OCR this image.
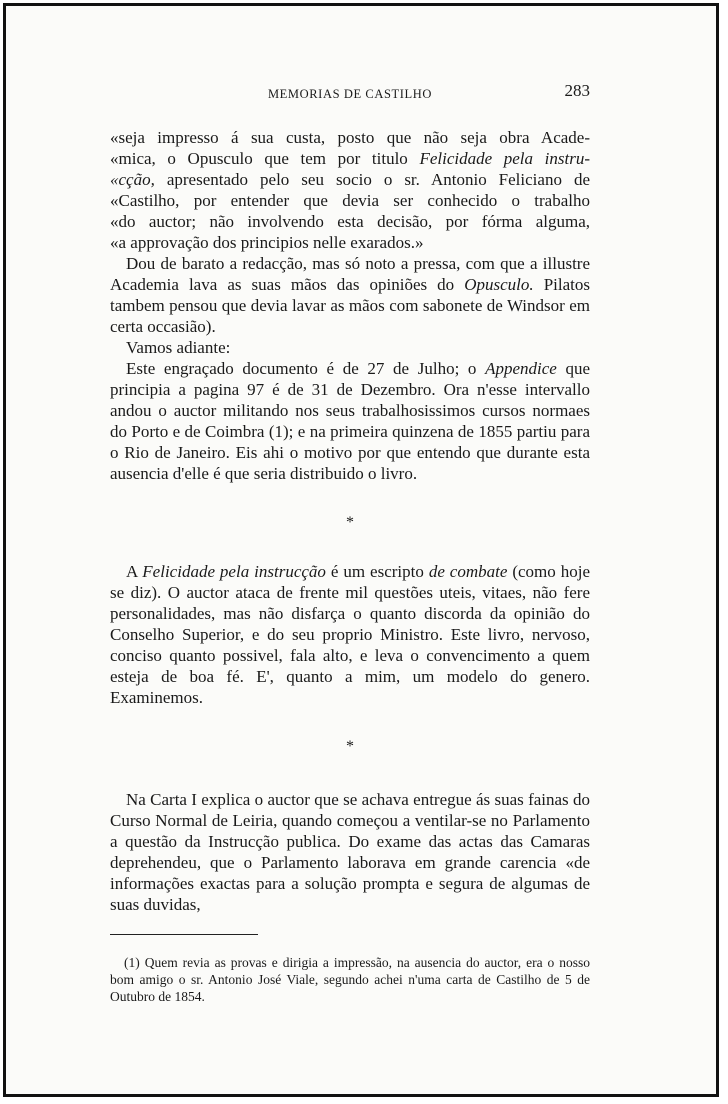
MEMORIAS DE CASTILHO	283

«seja impresso á sua custa, posto que não seja obra Acade-
«mica, o Opusculo que tem por titulo Felicidade pela instru-
«cção, apresentado pelo seu socio o sr. Antonio Feliciano de
«Castilho, por entender que devia ser conhecido o trabalho
«do auctor; não involvendo esta decisão, por fórma alguma,
«a approvação dos principios nelle exarados.»

Dou de barato a redacção, mas só noto a pressa, com que a illustre Academia lava as suas mãos das opiniões do Opusculo. Pilatos tambem pensou que devia lavar as mãos com sabonete de Windsor em certa occasião).

Vamos adiante:

Este engraçado documento é de 27 de Julho; o Appendice que principia a pagina 97 é de 31 de Dezembro. Ora n'esse intervallo andou o auctor militando nos seus trabalhosissimos cursos normaes do Porto e de Coimbra (1); e na primeira quinzena de 1855 partiu para o Rio de Janeiro. Eis ahi o motivo por que entendo que durante esta ausencia d'elle é que seria distribuido o livro.

*

A Felicidade pela instrucção é um escripto de combate (como hoje se diz). O auctor ataca de frente mil questões uteis, vitaes, não fere personalidades, mas não disfarça o quanto discorda da opinião do Conselho Superior, e do seu proprio Ministro. Este livro, nervoso, conciso quanto possivel, fala alto, e leva o convencimento a quem esteja de boa fé. E', quanto a mim, um modelo do genero. Examinemos.

*

Na Carta I explica o auctor que se achava entregue ás suas fainas do Curso Normal de Leiria, quando começou a ventilar-se no Parlamento a questão da Instrucção publica. Do exame das actas das Camaras deprehendeu, que o Parlamento laborava em grande carencia «de informações exactas para a solução prompta e segura de algumas de suas duvidas,

(1) Quem revia as provas e dirigia a impressão, na ausencia do auctor, era o nosso bom amigo o sr. Antonio José Viale, segundo achei n'uma carta de Castilho de 5 de Outubro de 1854.
